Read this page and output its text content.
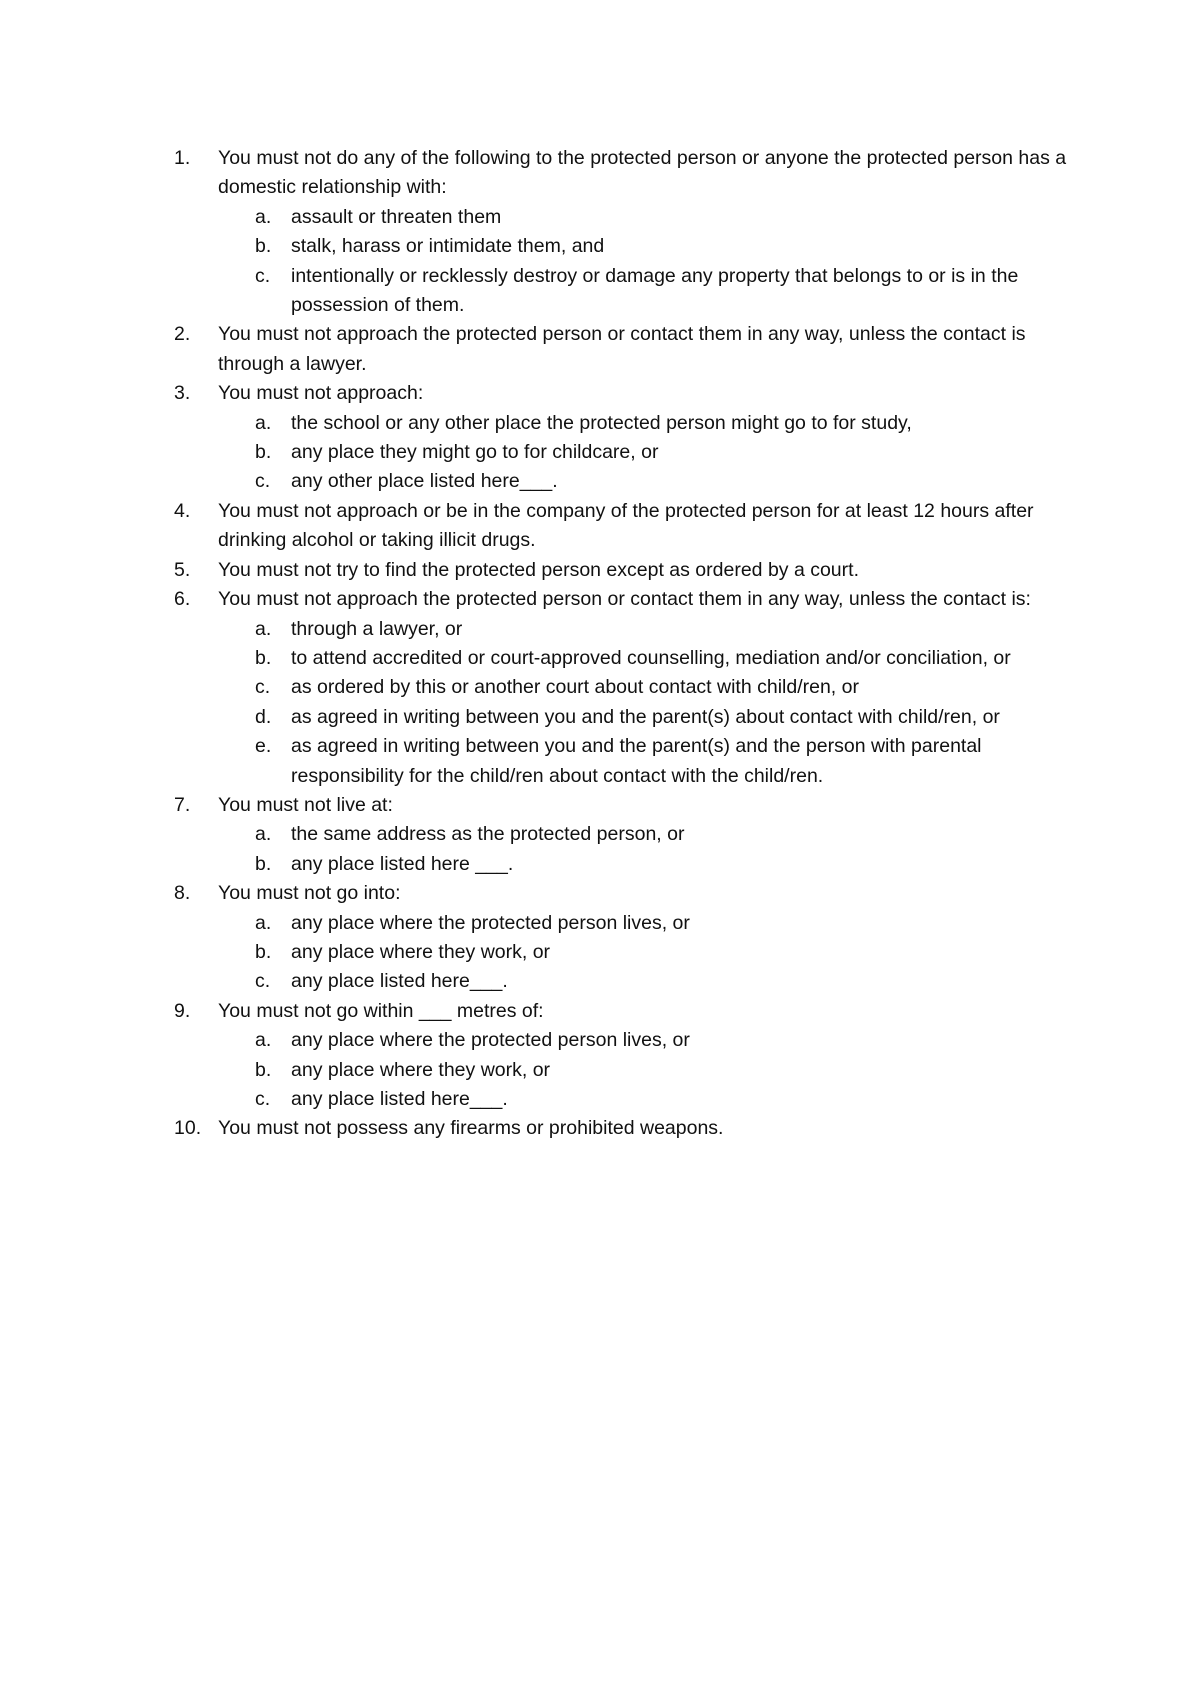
1.	You must not do any of the following to the protected person or anyone the protected person has a domestic relationship with:
a.	assault or threaten them
b.	stalk, harass or intimidate them, and
c.	intentionally or recklessly destroy or damage any property that belongs to or is in the possession of them.
2.	You must not approach the protected person or contact them in any way, unless the contact is through a lawyer.
3.	You must not approach:
a.	the school or any other place the protected person might go to for study,
b.	any place they might go to for childcare, or
c.	any other place listed here___.
4.	You must not approach or be in the company of the protected person for at least 12 hours after drinking alcohol or taking illicit drugs.
5.	You must not try to find the protected person except as ordered by a court.
6.	You must not approach the protected person or contact them in any way, unless the contact is:
a.	through a lawyer, or
b.	to attend accredited or court-approved counselling, mediation and/or conciliation, or
c.	as ordered by this or another court about contact with child/ren, or
d.	as agreed in writing between you and the parent(s) about contact with child/ren, or
e.	as agreed in writing between you and the parent(s) and the person with parental responsibility for the child/ren about contact with the child/ren.
7.	You must not live at:
a.	the same address as the protected person, or
b.	any place listed here ___.
8.	You must not go into:
a.	any place where the protected person lives, or
b.	any place where they work, or
c.	any place listed here___.
9.	You must not go within ___ metres of:
a.	any place where the protected person lives, or
b.	any place where they work, or
c.	any place listed here___.
10. You must not possess any firearms or prohibited weapons.
